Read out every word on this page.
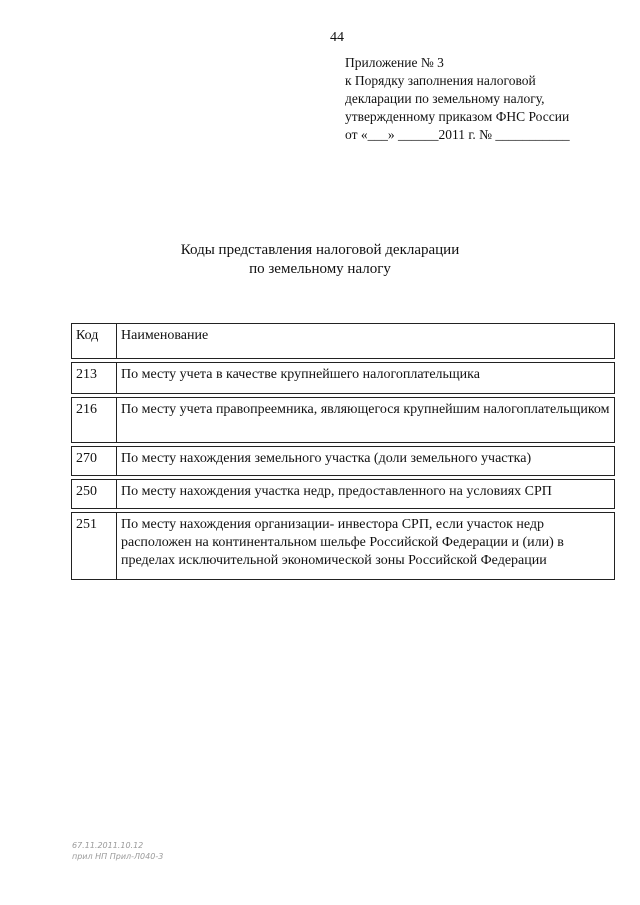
44
Приложение № 3
к Порядку заполнения налоговой
декларации по земельному налогу,
утвержденному приказом ФНС России
от «___» ______2011 г. № ___________
Коды представления налоговой декларации
по земельному налогу
Код	Наименование

213	По месту учета в качестве крупнейшего налогоплательщика

216	По месту учета правопреемника, являющегося крупнейшим налогоплательщиком

270	По месту нахождения земельного участка (доли земельного участка)

250	По месту нахождения участка недр, предоставленного на условиях СРП

251	По месту нахождения организации- инвестора СРП, если участок недр расположен на континентальном шельфе Российской Федерации и (или) в пределах исключительной экономической зоны Российской Федерации
67.11.2011.10.12
прил НП Прил-Л040-3
